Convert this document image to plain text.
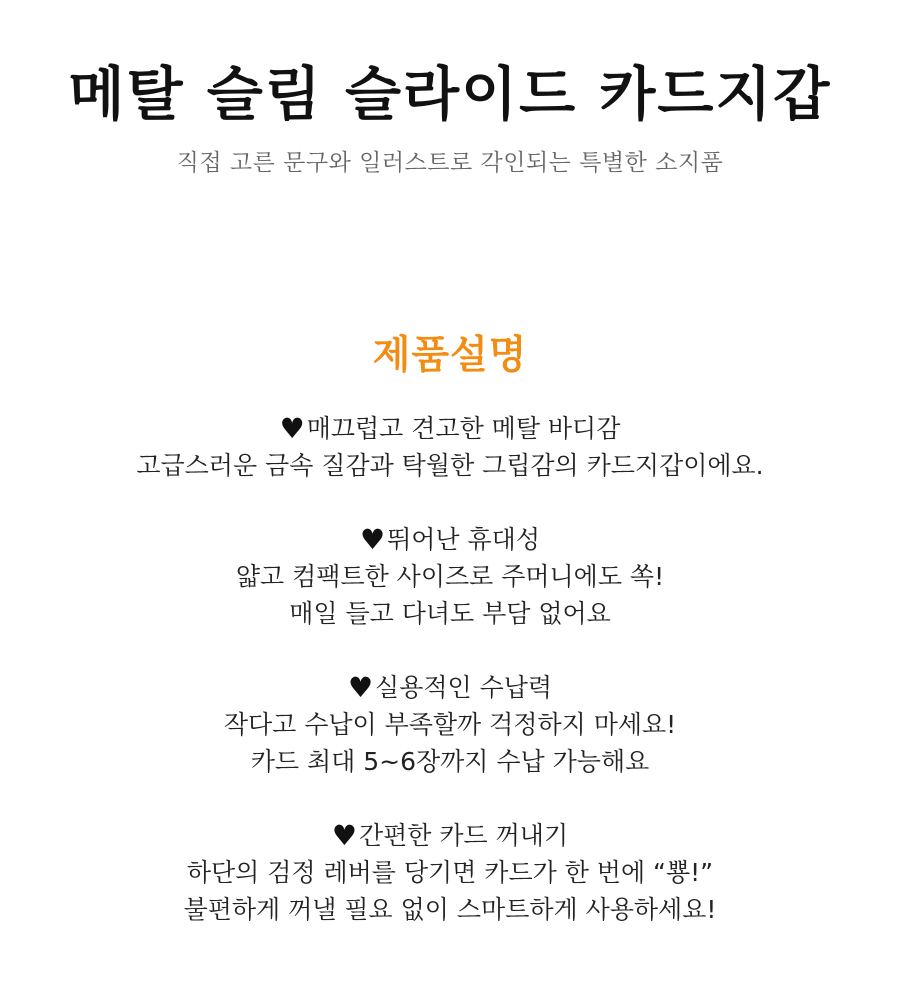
메탈 슬림 슬라이드 카드지갑

직접 고른 문구와 일러스트로 각인되는 특별한 소지품

제품설명
♥매끄럽고 견고한 메탈 바디감
고급스러운 금속 질감과 탁월한 그립감의 카드지갑이에요.
♥뛰어난 휴대성
얇고 컴팩트한 사이즈로 주머니에도 쏙!
매일 들고 다녀도 부담 없어요
♥실용적인 수납력
작다고 수납이 부족할까 걱정하지 마세요!
카드 최대 5~6장까지 수납 가능해요
♥간편한 카드 꺼내기
하단의 검정 레버를 당기면 카드가 한 번에 “뿅!”
불편하게 꺼낼 필요 없이 스마트하게 사용하세요!
